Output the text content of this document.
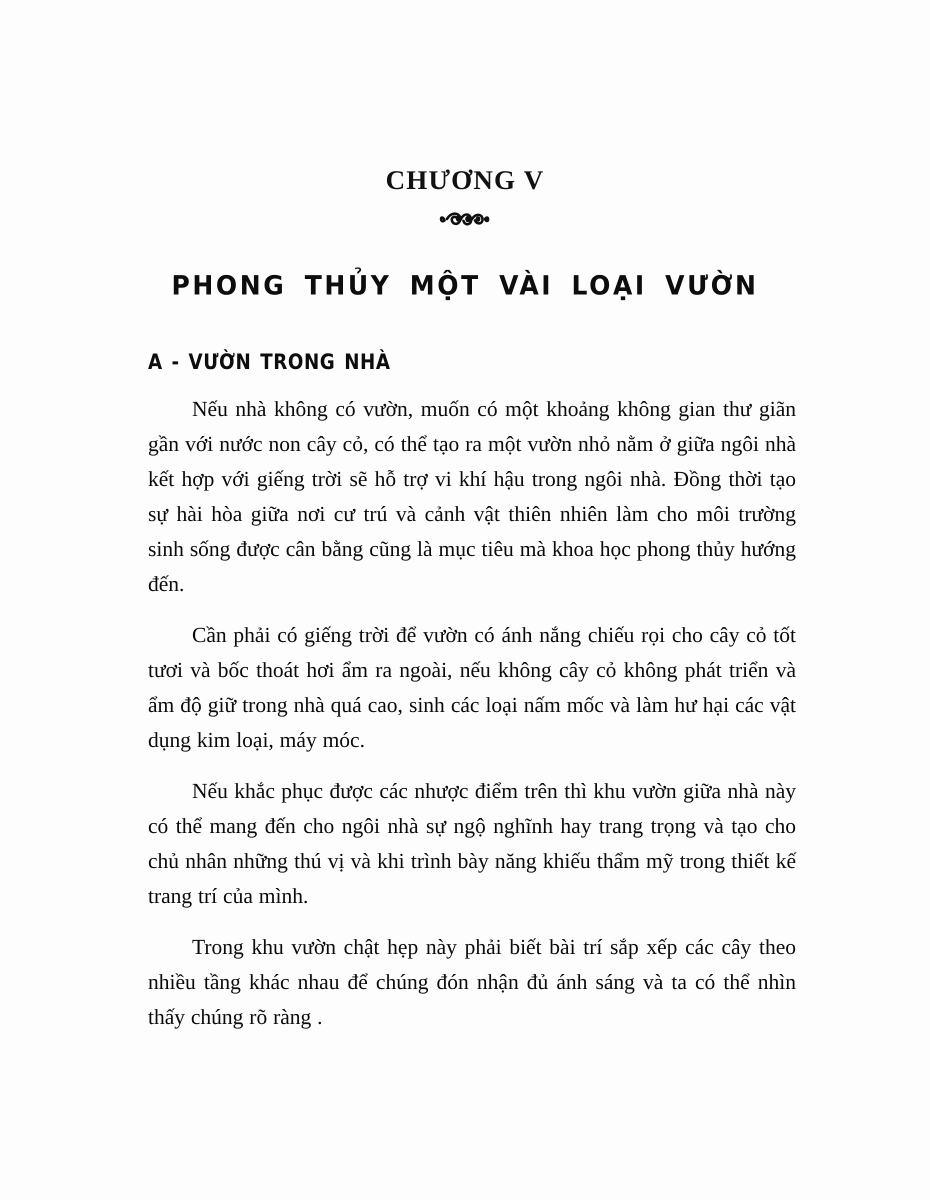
CHƯƠNG V
PHONG THỦY MỘT VÀI LOẠI VƯỜN
A - VƯỜN TRONG NHÀ

Nếu nhà không có vườn, muốn có một khoảng không gian thư giãn gần với nước non cây cỏ, có thể tạo ra một vườn nhỏ nằm ở giữa ngôi nhà kết hợp với giếng trời sẽ hỗ trợ vi khí hậu trong ngôi nhà. Đồng thời tạo sự hài hòa giữa nơi cư trú và cảnh vật thiên nhiên làm cho môi trường sinh sống được cân bằng cũng là mục tiêu mà khoa học phong thủy hướng đến.

Cần phải có giếng trời để vườn có ánh nắng chiếu rọi cho cây cỏ tốt tươi và bốc thoát hơi ẩm ra ngoài, nếu không cây cỏ không phát triển và ẩm độ giữ trong nhà quá cao, sinh các loại nấm mốc và làm hư hại các vật dụng kim loại, máy móc.

Nếu khắc phục được các nhược điểm trên thì khu vườn giữa nhà này có thể mang đến cho ngôi nhà sự ngộ nghĩnh hay trang trọng và tạo cho chủ nhân những thú vị và khi trình bày năng khiếu thẩm mỹ trong thiết kế trang trí của mình.

Trong khu vườn chật hẹp này phải biết bài trí sắp xếp các cây theo nhiều tầng khác nhau để chúng đón nhận đủ ánh sáng và ta có thể nhìn thấy chúng rõ ràng .
